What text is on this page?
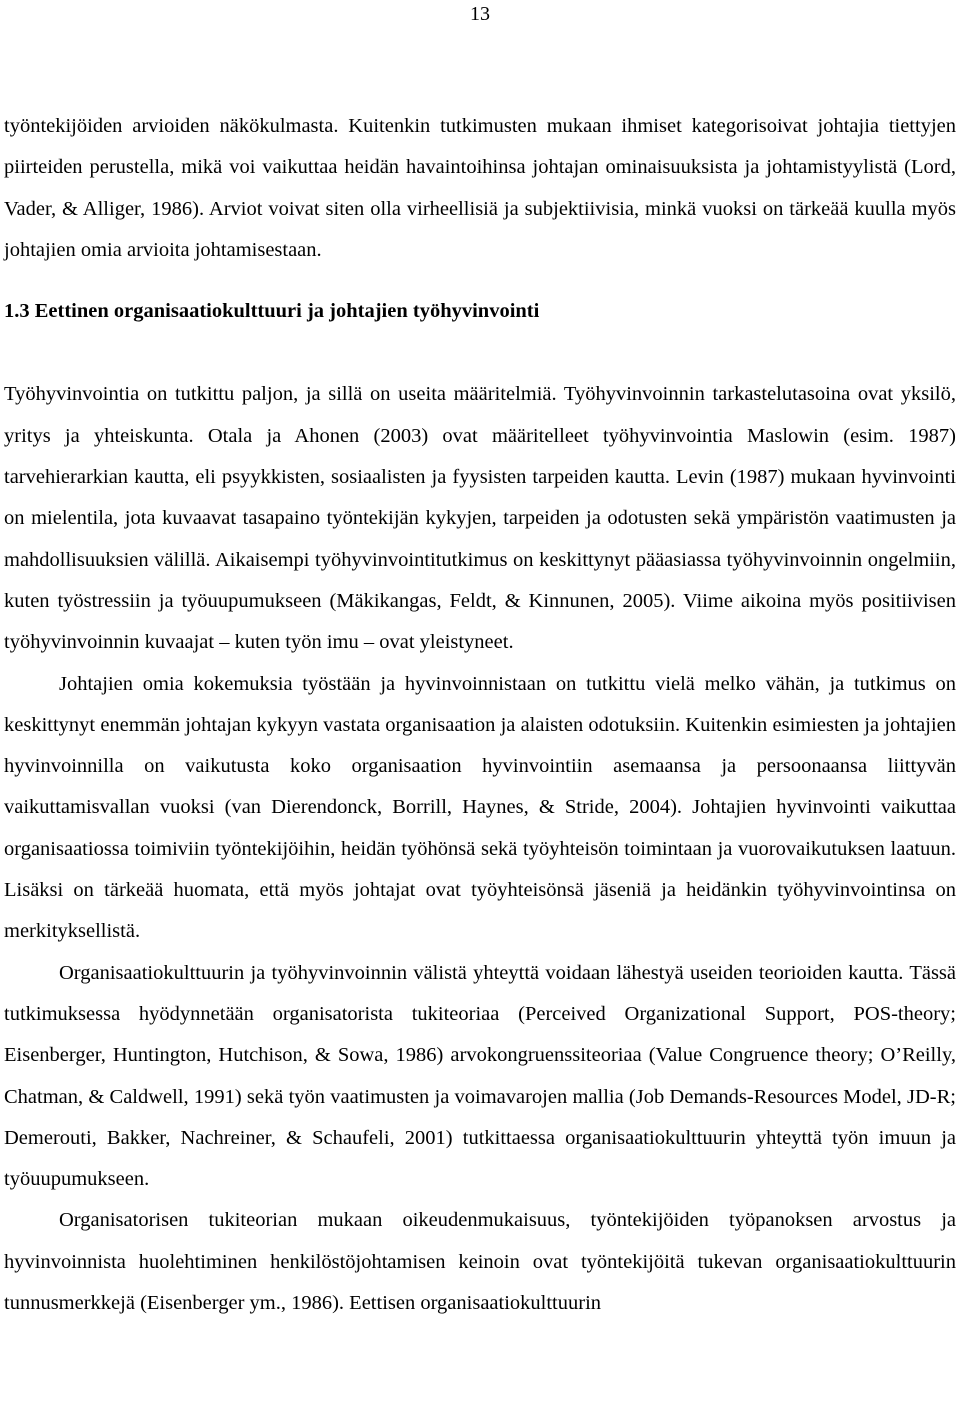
13

työntekijöiden arvioiden näkökulmasta. Kuitenkin tutkimusten mukaan ihmiset kategorisoivat johtajia tiettyjen piirteiden perustella, mikä voi vaikuttaa heidän havaintoihinsa johtajan ominaisuuksista ja johtamistyylistä (Lord, Vader, & Alliger, 1986). Arviot voivat siten olla virheellisiä ja subjektiivisia, minkä vuoksi on tärkeää kuulla myös johtajien omia arvioita johtamisestaan.

1.3 Eettinen organisaatiokulttuuri ja johtajien työhyvinvointi

Työhyvinvointia on tutkittu paljon, ja sillä on useita määritelmiä. Työhyvinvoinnin tarkastelutasoina ovat yksilö, yritys ja yhteiskunta. Otala ja Ahonen (2003) ovat määritelleet työhyvinvointia Maslowin (esim. 1987) tarvehierarkian kautta, eli psyykkisten, sosiaalisten ja fyysisten tarpeiden kautta. Levin (1987) mukaan hyvinvointi on mielentila, jota kuvaavat tasapaino työntekijän kykyjen, tarpeiden ja odotusten sekä ympäristön vaatimusten ja mahdollisuuksien välillä. Aikaisempi työhyvinvointitutkimus on keskittynyt pääasiassa työhyvinvoinnin ongelmiin, kuten työstressiin ja työuupumukseen (Mäkikangas, Feldt, & Kinnunen, 2005). Viime aikoina myös positiivisen työhyvinvoinnin kuvaajat – kuten työn imu – ovat yleistyneet.

Johtajien omia kokemuksia työstään ja hyvinvoinnistaan on tutkittu vielä melko vähän, ja tutkimus on keskittynyt enemmän johtajan kykyyn vastata organisaation ja alaisten odotuksiin. Kuitenkin esimiesten ja johtajien hyvinvoinnilla on vaikutusta koko organisaation hyvinvointiin asemaansa ja persoonaansa liittyvän vaikuttamisvallan vuoksi (van Dierendonck, Borrill, Haynes, & Stride, 2004). Johtajien hyvinvointi vaikuttaa organisaatiossa toimiviin työntekijöihin, heidän työhönsä sekä työyhteisön toimintaan ja vuorovaikutuksen laatuun. Lisäksi on tärkeää huomata, että myös johtajat ovat työyhteisönsä jäseniä ja heidänkin työhyvinvointinsa on merkityksellistä.

Organisaatiokulttuurin ja työhyvinvoinnin välistä yhteyttä voidaan lähestyä useiden teorioiden kautta. Tässä tutkimuksessa hyödynnetään organisatorista tukiteoriaa (Perceived Organizational Support, POS-theory; Eisenberger, Huntington, Hutchison, & Sowa, 1986) arvokongruenssiteoriaa (Value Congruence theory; O’Reilly, Chatman, & Caldwell, 1991) sekä työn vaatimusten ja voimavarojen mallia (Job Demands-Resources Model, JD-R; Demerouti, Bakker, Nachreiner, & Schaufeli, 2001) tutkittaessa organisaatiokulttuurin yhteyttä työn imuun ja työuupumukseen.

Organisatorisen tukiteorian mukaan oikeudenmukaisuus, työntekijöiden työpanoksen arvostus ja hyvinvoinnista huolehtiminen henkilöstöjohtamisen keinoin ovat työntekijöitä tukevan organisaatiokulttuurin tunnusmerkkejä (Eisenberger ym., 1986). Eettisen organisaatiokulttuurin
